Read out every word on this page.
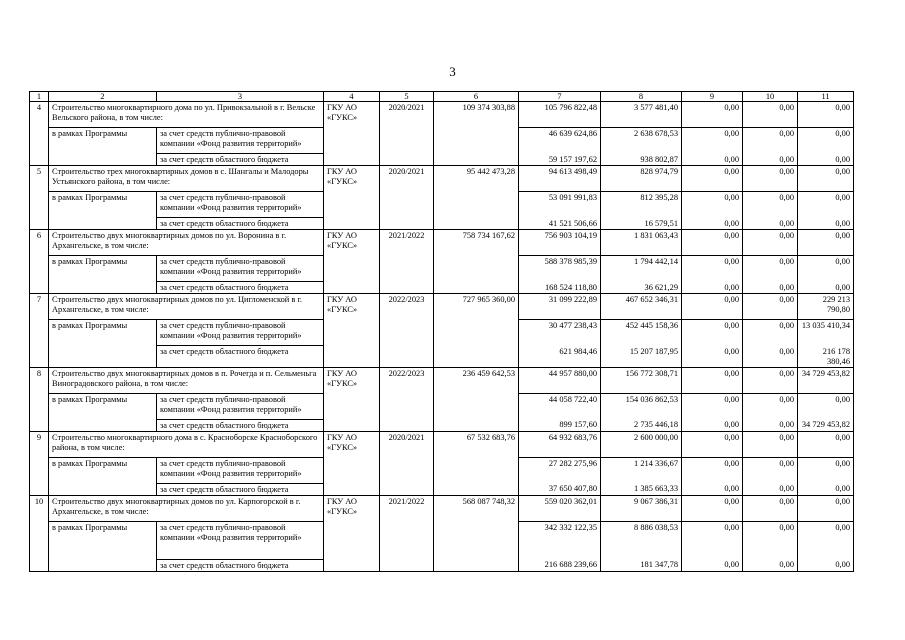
3
1	2	3	4	5	6	7	8	9	10	11
4	Строительство многоквартирного дома по ул. Привокзальной в г. Вельске Вельского района, в том числе:		ГКУ АО «ГУКС»	2020/2021	109 374 303,88	105 796 822,48	3 577 481,40	0,00	0,00	0,00
	в рамках Программы	за счет средств публично-правовой компании «Фонд развития территорий»				46 639 624,86	2 638 678,53	0,00	0,00	0,00
		за счет средств областного бюджета				59 157 197,62	938 802,87	0,00	0,00	0,00
5	Строительство трех многоквартирных домов в с. Шангалы и Малодоры Устьянского района, в том числе:		ГКУ АО «ГУКС»	2020/2021	95 442 473,28	94 613 498,49	828 974,79	0,00	0,00	0,00
	в рамках Программы	за счет средств публично-правовой компании «Фонд развития территорий»				53 091 991,83	812 395,28	0,00	0,00	0,00
		за счет средств областного бюджета				41 521 506,66	16 579,51	0,00	0,00	0,00
6	Строительство двух многоквартирных домов по ул. Воронина в г. Архангельске, в том числе:		ГКУ АО «ГУКС»	2021/2022	758 734 167,62	756 903 104,19	1 831 063,43	0,00	0,00	0,00
	в рамках Программы	за счет средств публично-правовой компании «Фонд развития территорий»				588 378 985,39	1 794 442,14	0,00	0,00	0,00
		за счет средств областного бюджета				168 524 118,80	36 621,29	0,00	0,00	0,00
7	Строительство двух многоквартирных домов по ул. Цигломенской в г. Архангельске, в том числе:		ГКУ АО «ГУКС»	2022/2023	727 965 360,00	31 099 222,89	467 652 346,31	0,00	0,00	229 213 790,80
	в рамках Программы	за счет средств публично-правовой компании «Фонд развития территорий»				30 477 238,43	452 445 158,36	0,00	0,00	13 035 410,34
		за счет средств областного бюджета				621 984,46	15 207 187,95	0,00	0,00	216 178 380,46
8	Строительство двух многоквартирных домов в п. Рочегда и п. Сельменьга Виноградовского района, в том числе:		ГКУ АО «ГУКС»	2022/2023	236 459 642,53	44 957 880,00	156 772 308,71	0,00	0,00	34 729 453,82
	в рамках Программы	за счет средств публично-правовой компании «Фонд развития территорий»				44 058 722,40	154 036 862,53	0,00	0,00	0,00
		за счет средств областного бюджета				899 157,60	2 735 446,18	0,00	0,00	34 729 453,82
9	Строительство многоквартирного дома в с. Красноборске Красноборского района, в том числе:		ГКУ АО «ГУКС»	2020/2021	67 532 683,76	64 932 683,76	2 600 000,00	0,00	0,00	0,00
	в рамках Программы	за счет средств публично-правовой компании «Фонд развития территорий»				27 282 275,96	1 214 336,67	0,00	0,00	0,00
		за счет средств областного бюджета				37 650 407,80	1 385 663,33	0,00	0,00	0,00
10	Строительство двух многоквартирных домов по ул. Карпогорской в г. Архангельске, в том числе:		ГКУ АО «ГУКС»	2021/2022	568 087 748,32	559 020 362,01	9 067 386,31	0,00	0,00	0,00
	в рамках Программы	за счет средств публично-правовой компании «Фонд развития территорий»				342 332 122,35	8 886 038,53	0,00	0,00	0,00
		за счет средств областного бюджета				216 688 239,66	181 347,78	0,00	0,00	0,00
